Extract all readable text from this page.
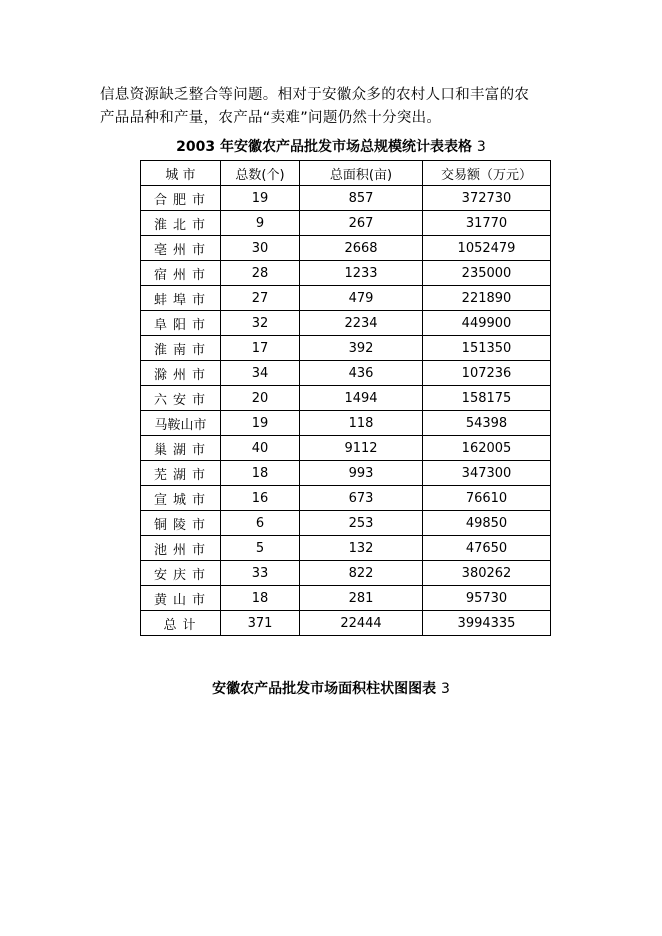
信息资源缺乏整合等问题。相对于安徽众多的农村人口和丰富的农

产品品种和产量，农产品“卖难”问题仍然十分突出。

2003 年安徽农产品批发市场总规模统计表表格 3
城 市	总数(个)	总面积(亩)	交易额（万元）
合肥市	19	857	372730
淮北市	9	267	31770
亳州市	30	2668	1052479
宿州市	28	1233	235000
蚌埠市	27	479	221890
阜阳市	32	2234	449900
淮南市	17	392	151350
滁州市	34	436	107236
六安市	20	1494	158175
马鞍山市	19	118	54398
巢湖市	40	9112	162005
芜湖市	18	993	347300
宣城市	16	673	76610
铜陵市	6	253	49850
池州市	5	132	47650
安庆市	33	822	380262
黄山市	18	281	95730
总计	371	22444	3994335
安徽农产品批发市场面积柱状图图表 3
